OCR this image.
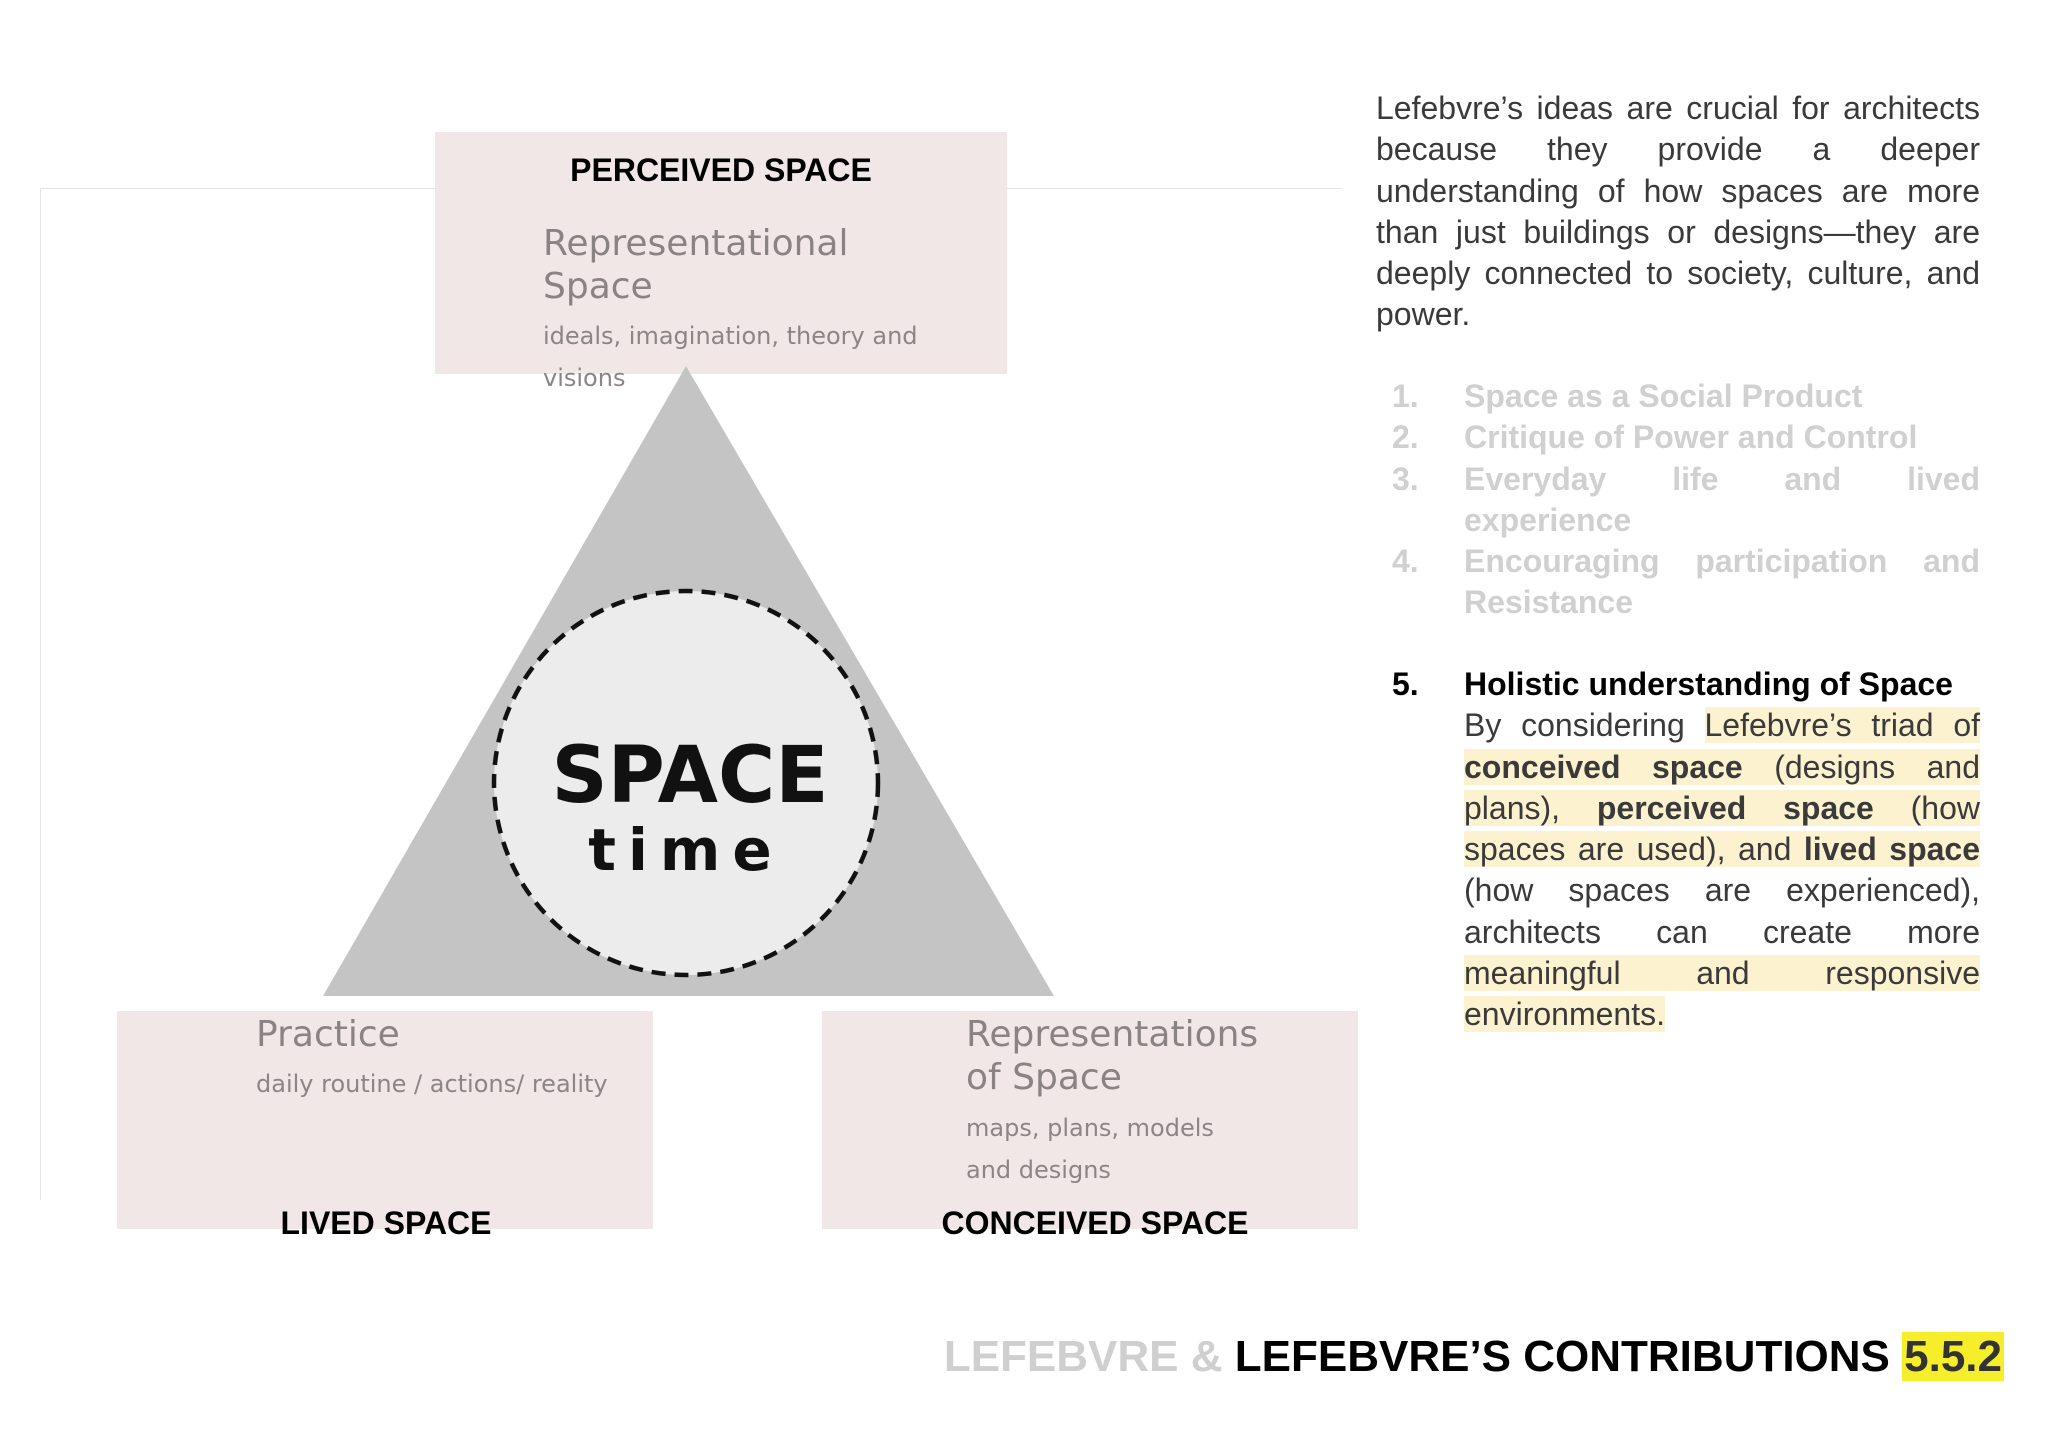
Representational

Space

ideals, imagination, theory and visions

Practice

daily routine / actions/ reality

Representations

of Space

maps, plans, models

and designs

SPACE
time
PERCEIVED SPACE
LIVED SPACE	CONCEIVED SPACE

Lefebvre’s ideas are crucial for architects because they provide a deeper understanding of how spaces are more than just buildings or designs—they are deeply connected to society, culture, and power.

1. Space as a Social Product
2. Critique of Power and Control
3. Everyday life and lived experience
4. Encouraging participation and Resistance
5. Holistic understanding of Space
By considering Lefebvre’s triad of conceived space (designs and plans), perceived space (how spaces are used), and lived space (how spaces are experienced), architects can create more meaningful and responsive environments.
LEFEBVRE & LEFEBVRE’S CONTRIBUTIONS 5.5.2
